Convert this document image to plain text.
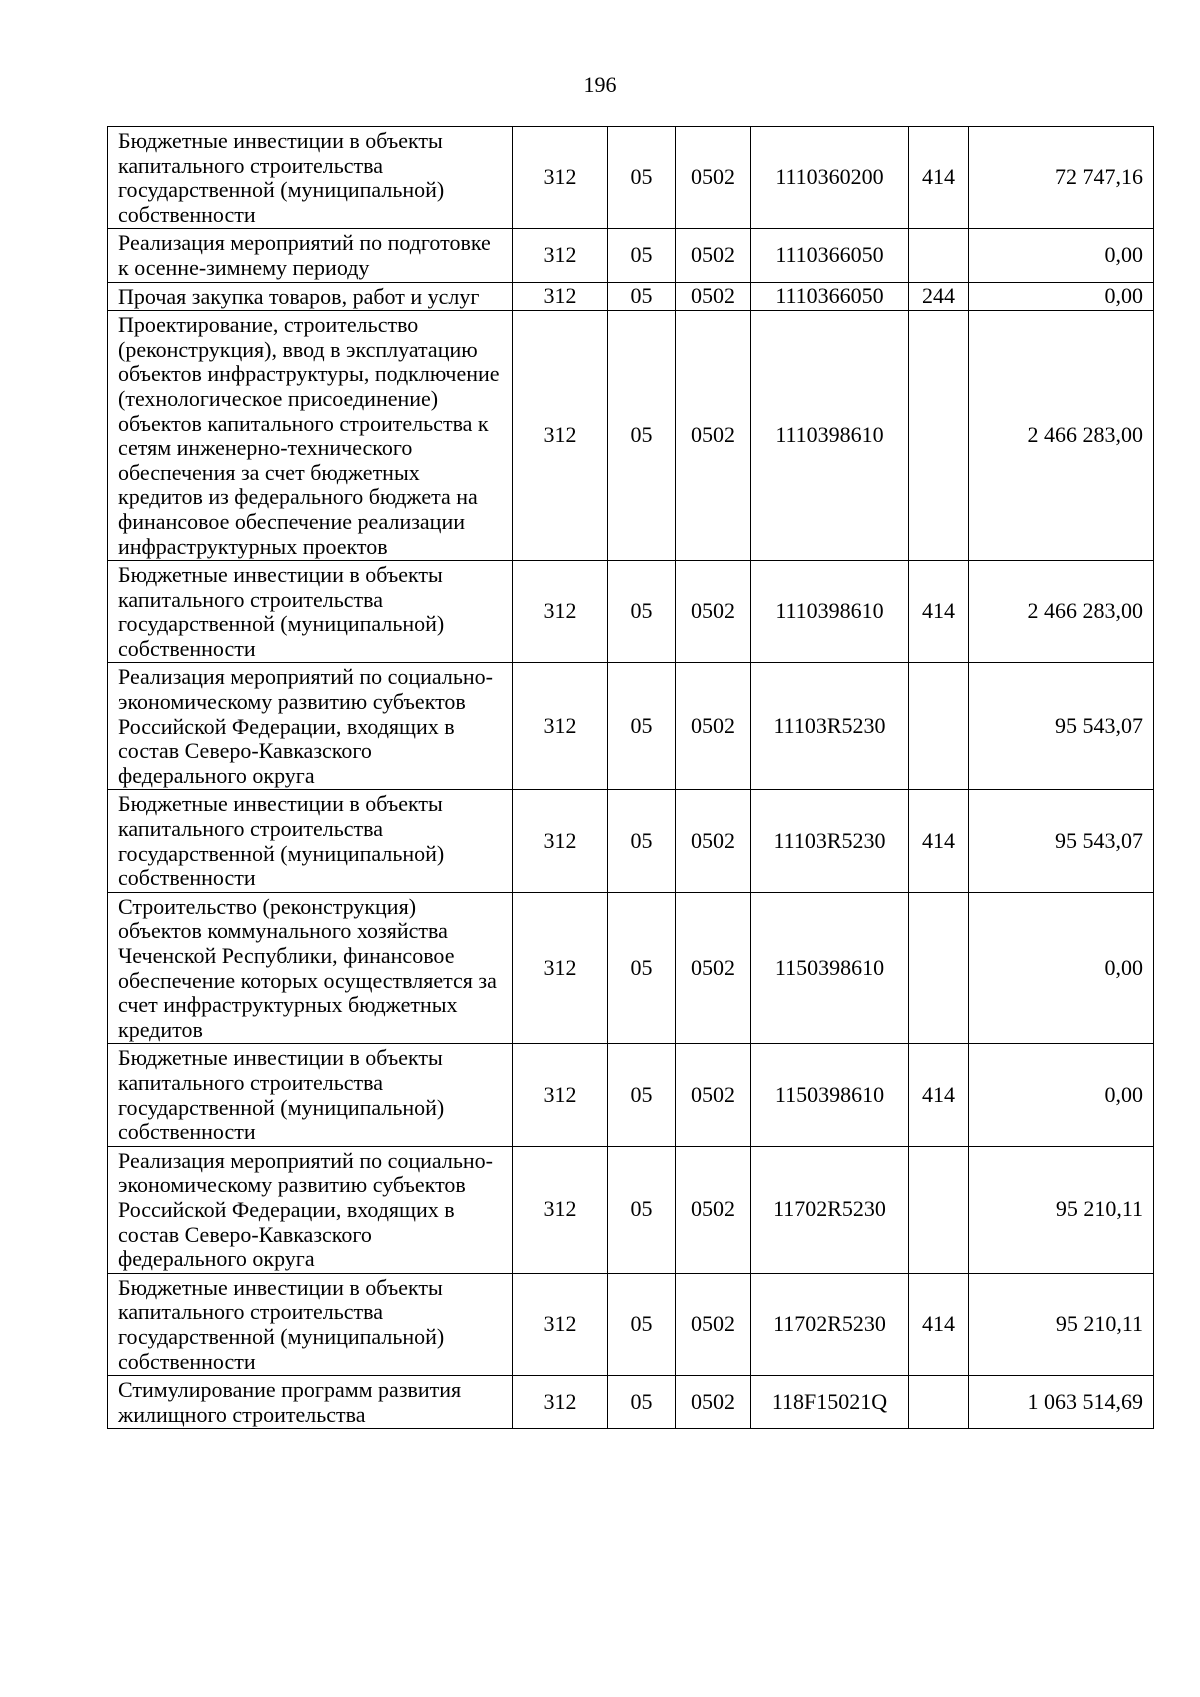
196
Бюджетные инвестиции в объекты капитального строительства государственной (муниципальной) собственности	312	05	0502	1110360200	414	72 747,16
Реализация мероприятий по подготовке к осенне-зимнему периоду	312	05	0502	1110366050		0,00
Прочая закупка товаров, работ и услуг	312	05	0502	1110366050	244	0,00
Проектирование, строительство (реконструкция), ввод в эксплуатацию объектов инфраструктуры, подключение (технологическое присоединение) объектов капитального строительства к сетям инженерно-технического обеспечения за счет бюджетных кредитов из федерального бюджета на финансовое обеспечение реализации инфраструктурных проектов	312	05	0502	1110398610		2 466 283,00
Бюджетные инвестиции в объекты капитального строительства государственной (муниципальной) собственности	312	05	0502	1110398610	414	2 466 283,00
Реализация мероприятий по социально-экономическому развитию субъектов Российской Федерации, входящих в состав Северо-Кавказского федерального округа	312	05	0502	11103R5230		95 543,07
Бюджетные инвестиции в объекты капитального строительства государственной (муниципальной) собственности	312	05	0502	11103R5230	414	95 543,07
Строительство (реконструкция) объектов коммунального хозяйства Чеченской Республики, финансовое обеспечение которых осуществляется за счет инфраструктурных бюджетных кредитов	312	05	0502	1150398610		0,00
Бюджетные инвестиции в объекты капитального строительства государственной (муниципальной) собственности	312	05	0502	1150398610	414	0,00
Реализация мероприятий по социально-экономическому развитию субъектов Российской Федерации, входящих в состав Северо-Кавказского федерального округа	312	05	0502	11702R5230		95 210,11
Бюджетные инвестиции в объекты капитального строительства государственной (муниципальной) собственности	312	05	0502	11702R5230	414	95 210,11
Стимулирование программ развития жилищного строительства	312	05	0502	118F15021Q		1 063 514,69
